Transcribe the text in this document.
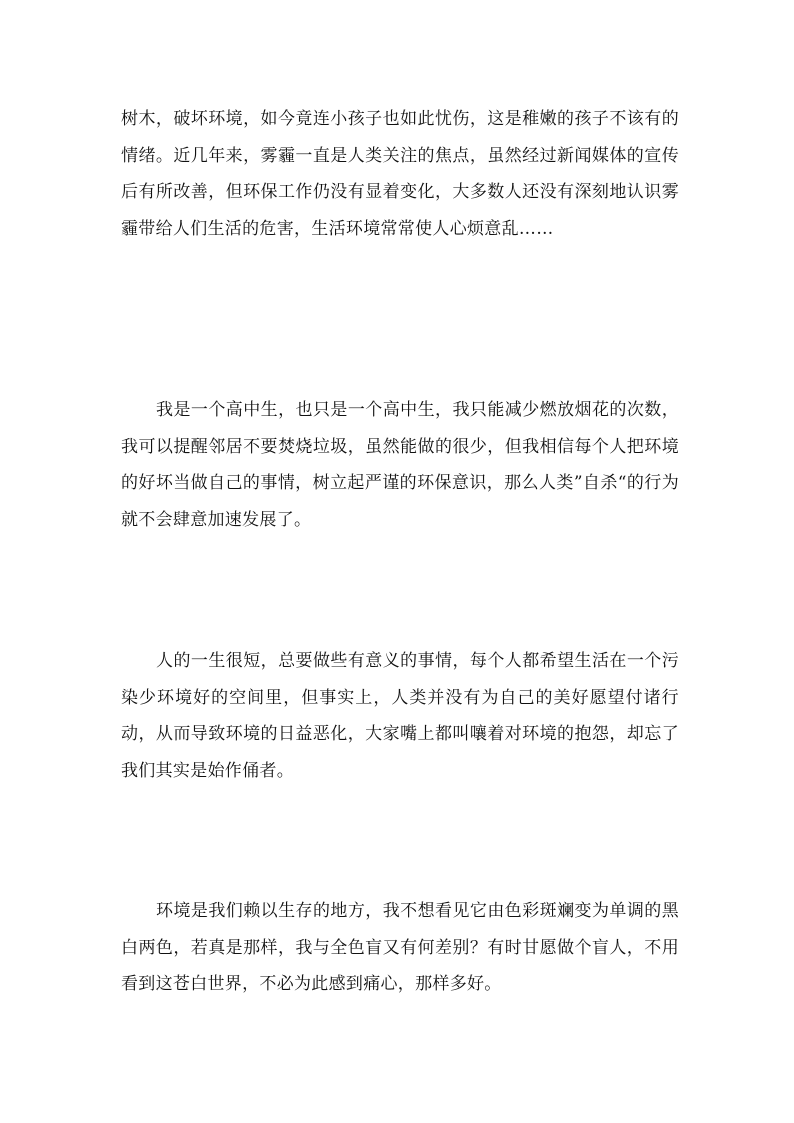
树木，破坏环境，如今竟连小孩子也如此忧伤，这是稚嫩的孩子不该有的情绪。近几年来，雾霾一直是人类关注的焦点，虽然经过新闻媒体的宣传后有所改善，但环保工作仍没有显着变化，大多数人还没有深刻地认识雾霾带给人们生活的危害，生活环境常常使人心烦意乱……

我是一个高中生，也只是一个高中生，我只能减少燃放烟花的次数，我可以提醒邻居不要焚烧垃圾，虽然能做的很少，但我相信每个人把环境的好坏当做自己的事情，树立起严谨的环保意识，那么人类”自杀“的行为就不会肆意加速发展了。

人的一生很短，总要做些有意义的事情，每个人都希望生活在一个污染少环境好的空间里，但事实上，人类并没有为自己的美好愿望付诸行动，从而导致环境的日益恶化，大家嘴上都叫嚷着对环境的抱怨，却忘了我们其实是始作俑者。

环境是我们赖以生存的地方，我不想看见它由色彩斑斓变为单调的黑白两色，若真是那样，我与全色盲又有何差别？有时甘愿做个盲人，不用看到这苍白世界，不必为此感到痛心，那样多好。
